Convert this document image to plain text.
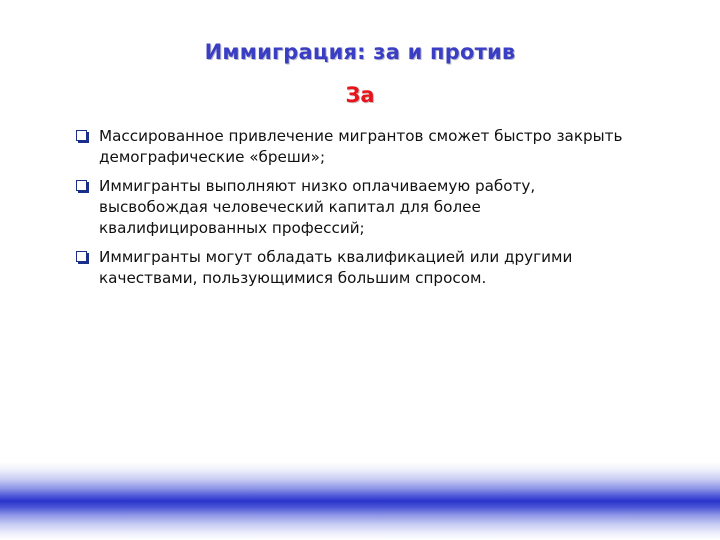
Иммиграция: за и против
За
Массированное привлечение мигрантов сможет быстро закрыть
демографические «бреши»;
Иммигранты выполняют низко оплачиваемую работу,
высвобождая человеческий капитал для более
квалифицированных профессий;
Иммигранты могут обладать квалификацией или другими
качествами, пользующимися большим спросом.
